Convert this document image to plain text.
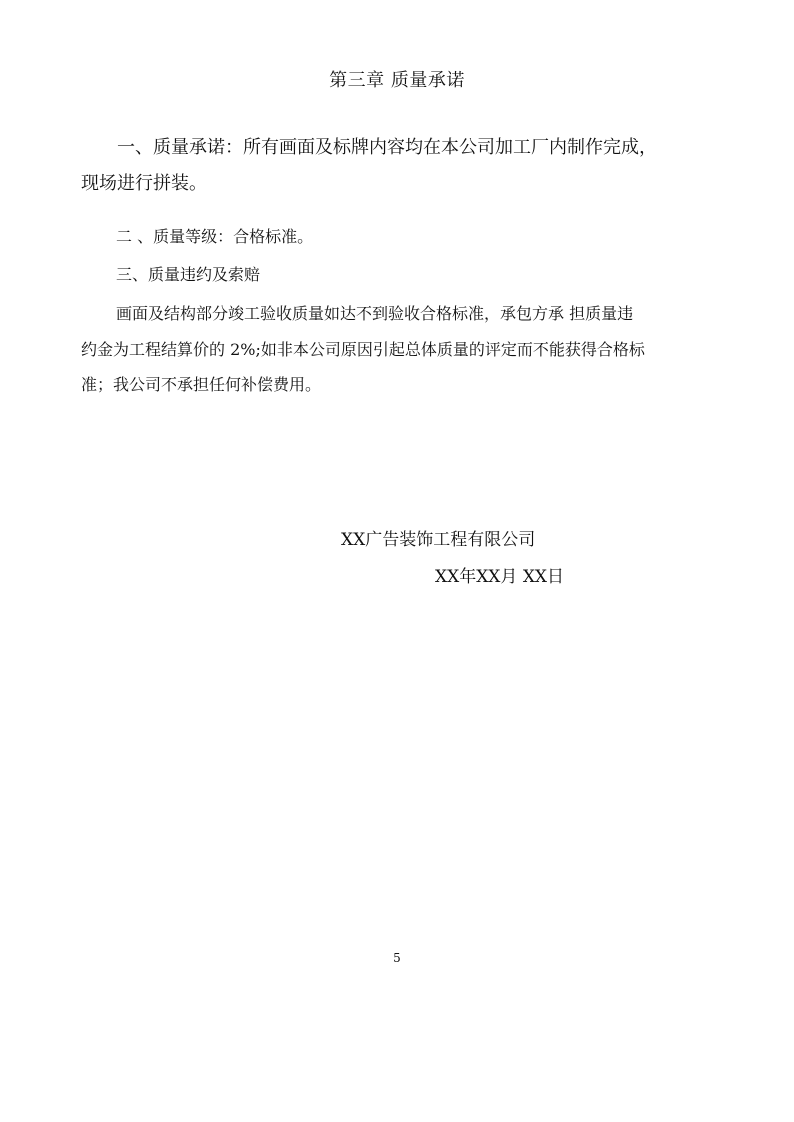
第三章 质量承诺
一、质量承诺：所有画面及标牌内容均在本公司加工厂内制作完成，
现场进行拼装。
二 、质量等级：合格标准。
三、质量违约及索赔
画面及结构部分竣工验收质量如达不到验收合格标准，承包方承 担质量违
约金为工程结算价的 2%;如非本公司原因引起总体质量的评定而不能获得合格标
准；我公司不承担任何补偿费用。
XX广告装饰工程有限公司
XX年XX月 XX日
5
